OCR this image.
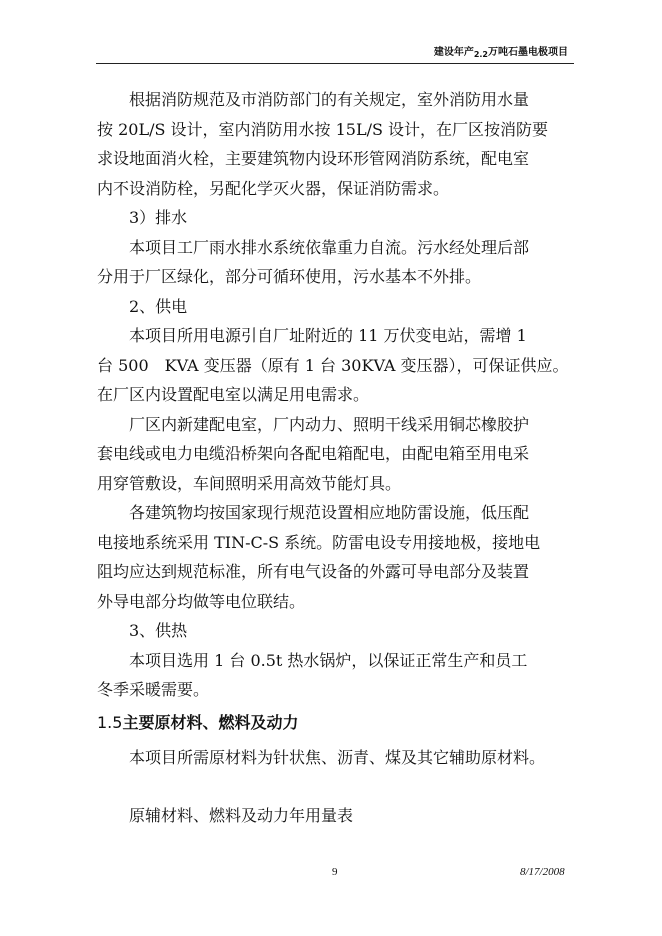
建设年产$_{2.2}$万吨石墨电极项目
　　根据消防规范及市消防部门的有关规定，室外消防用水量
按 20L/S 设计，室内消防用水按 15L/S 设计，在厂区按消防要
求设地面消火栓，主要建筑物内设环形管网消防系统，配电室
内不设消防栓，另配化学灭火器，保证消防需求。
　　3）排水
　　本项目工厂雨水排水系统依靠重力自流。污水经处理后部
分用于厂区绿化，部分可循环使用，污水基本不外排。
　　2、供电
　　本项目所用电源引自厂址附近的 11 万伏变电站，需增 1
台 500　KVA 变压器（原有 1 台 30KVA 变压器），可保证供应。
在厂区内设置配电室以满足用电需求。
　　厂区内新建配电室，厂内动力、照明干线采用铜芯橡胶护
套电线或电力电缆沿桥架向各配电箱配电，由配电箱至用电采
用穿管敷设，车间照明采用高效节能灯具。
　　各建筑物均按国家现行规范设置相应地防雷设施，低压配
电接地系统采用 TIN-C-S 系统。防雷电设专用接地极，接地电
阻均应达到规范标准，所有电气设备的外露可导电部分及装置
外导电部分均做等电位联结。
　　3、供热
　　本项目选用 1 台 0.5t 热水锅炉，以保证正常生产和员工
冬季采暖需要。
1.5主要原材料、燃料及动力
　　本项目所需原材料为针状焦、沥青、煤及其它辅助原材料。
　　原辅材料、燃料及动力年用量表
9	8/17/2008
